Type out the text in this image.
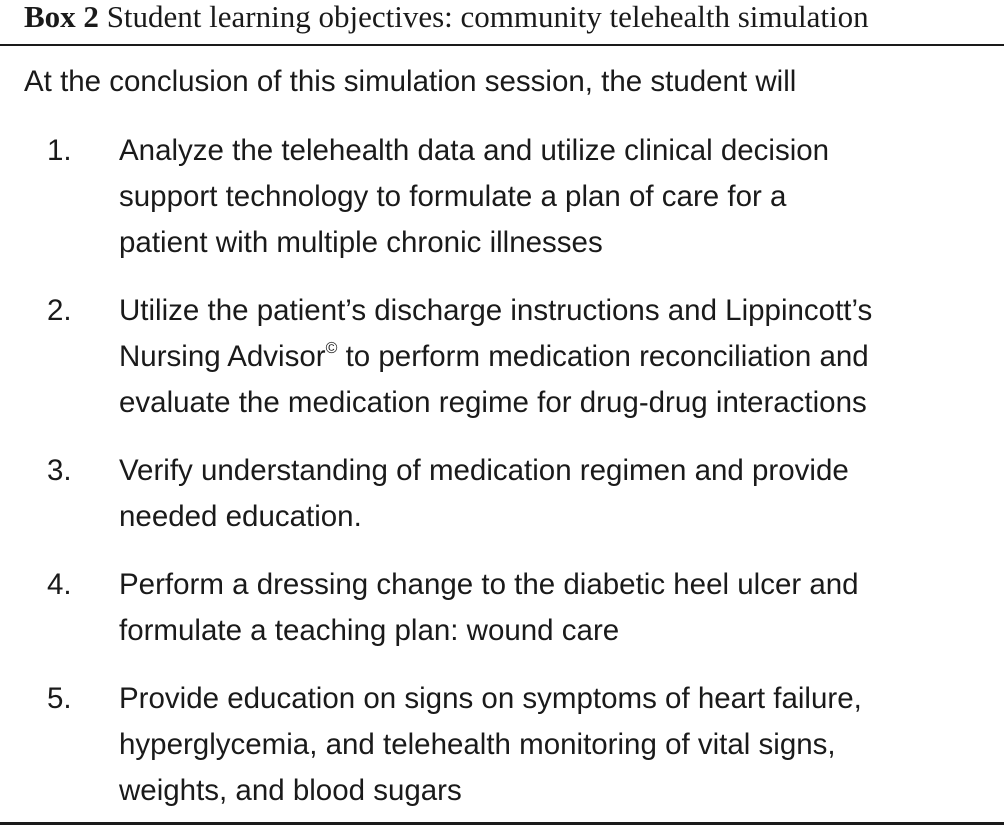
Box 2 Student learning objectives: community telehealth simulation
At the conclusion of this simulation session, the student will
1.	Analyze the telehealth data and utilize clinical decision
support technology to formulate a plan of care for a
patient with multiple chronic illnesses
2.	Utilize the patient’s discharge instructions and Lippincott’s
Nursing Advisor© to perform medication reconciliation and
evaluate the medication regime for drug-drug interactions
3.	Verify understanding of medication regimen and provide
needed education.
4.	Perform a dressing change to the diabetic heel ulcer and
formulate a teaching plan: wound care
5.	Provide education on signs on symptoms of heart failure,
hyperglycemia, and telehealth monitoring of vital signs,
weights, and blood sugars
